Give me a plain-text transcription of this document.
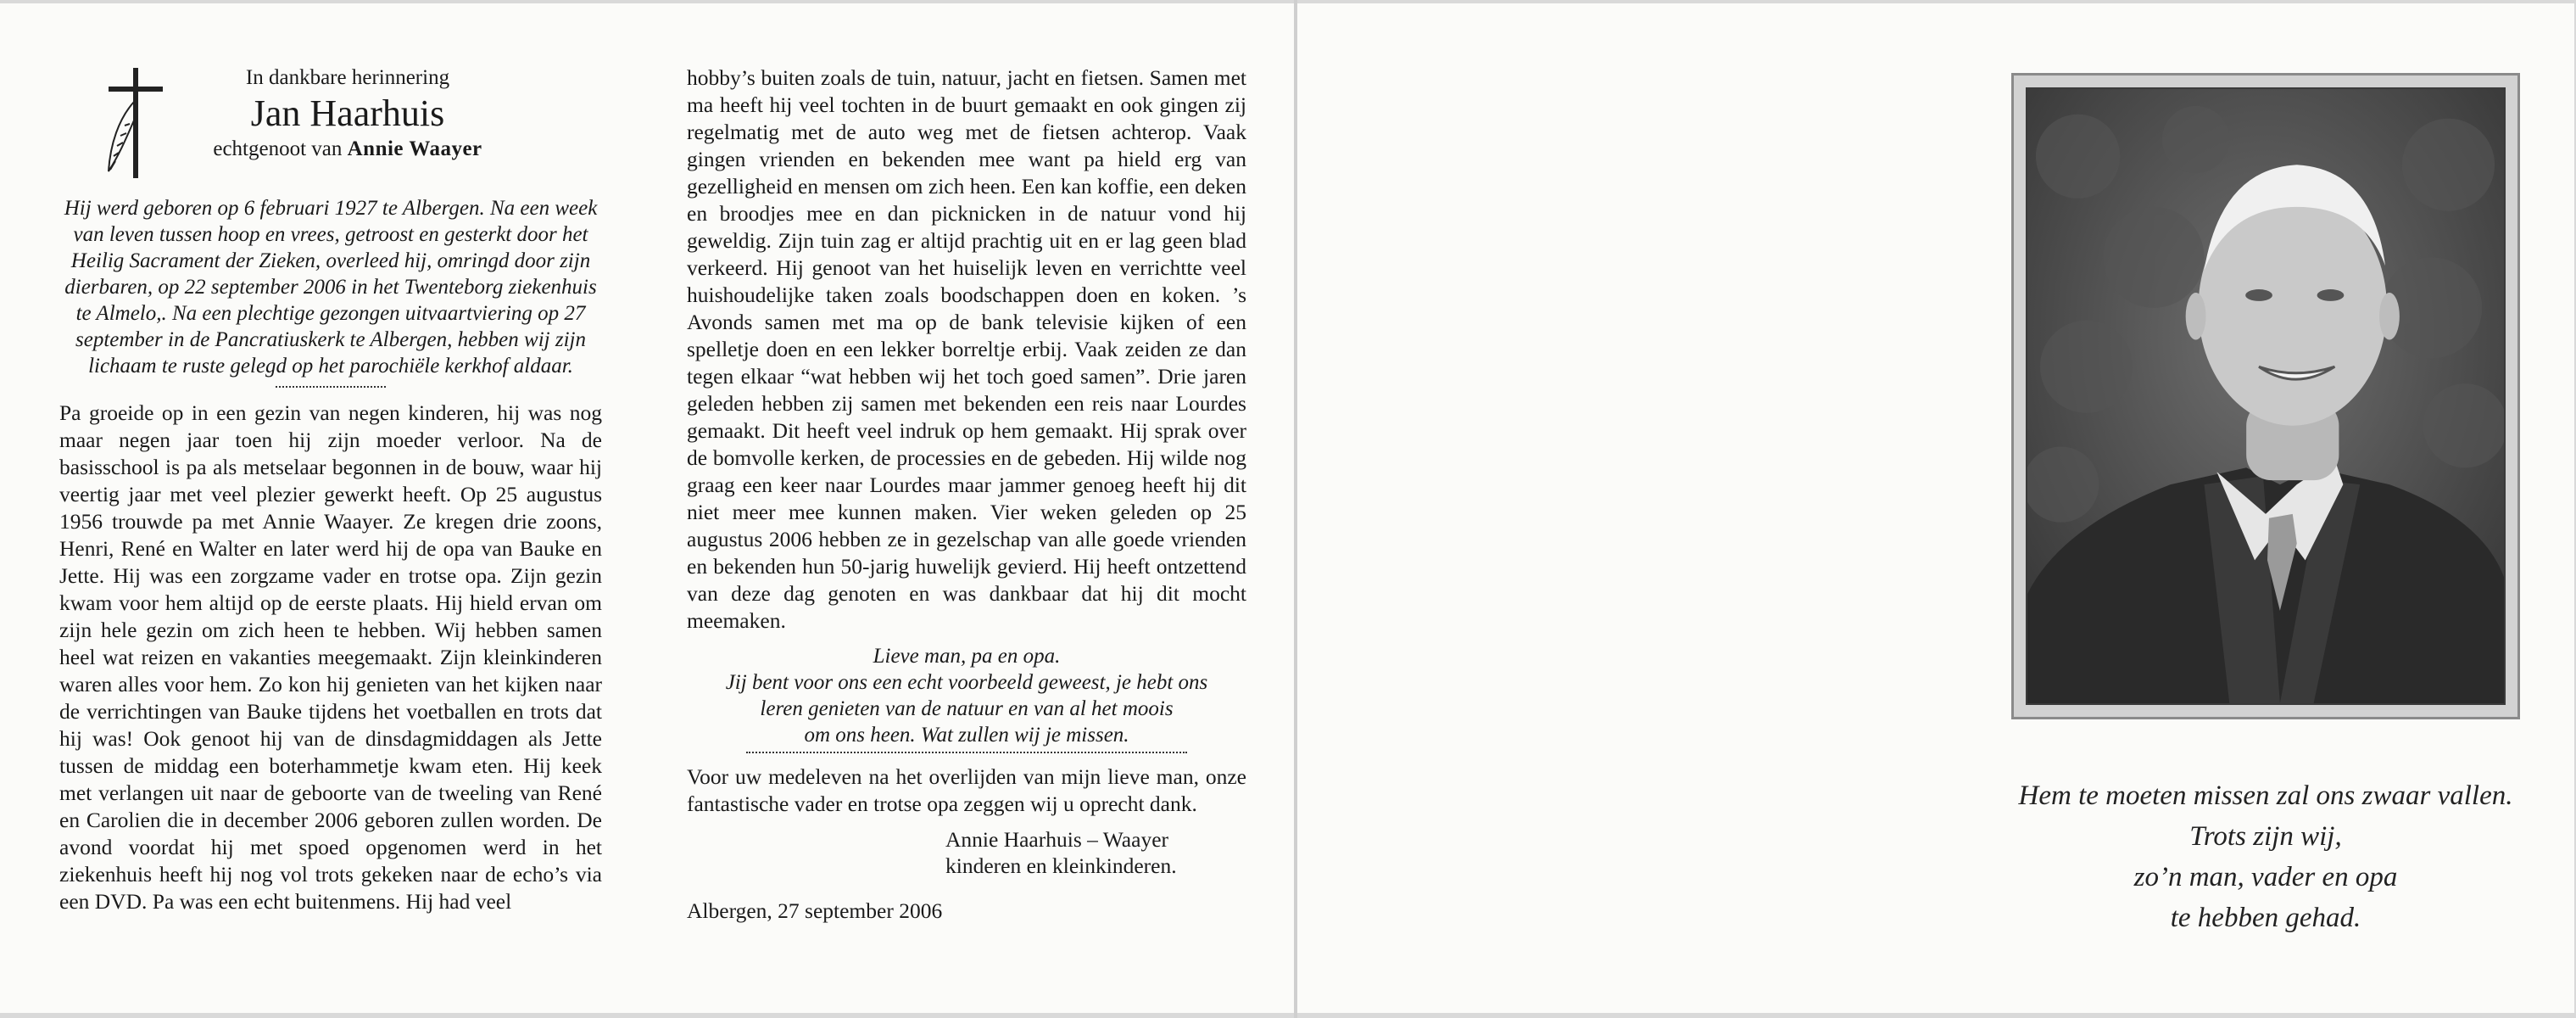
Hem te moeten missen zal ons zwaar vallen.
Trots zijn wij,
zo’n man, vader en opa
te hebben gehad.
In dankbare herinnering
Jan Haarhuis
echtgenoot van Annie Waayer

Hij werd geboren op 6 februari 1927 te Albergen. Na een week van leven tussen hoop en vrees, getroost en gesterkt door het Heilig Sacrament der Zieken, overleed hij, omringd door zijn dierbaren, op 22 september 2006 in het Twenteborg ziekenhuis te Almelo,. Na een plechtige gezongen uitvaartviering op 27 september in de Pancratiuskerk te Albergen, hebben wij zijn lichaam te ruste gelegd op het parochiële kerkhof aldaar.

Pa groeide op in een gezin van negen kinderen, hij was nog maar negen jaar toen hij zijn moeder verloor. Na de basisschool is pa als metselaar begonnen in de bouw, waar hij veertig jaar met veel plezier gewerkt heeft. Op 25 augustus 1956 trouwde pa met Annie Waayer. Ze kregen drie zoons, Henri, René en Walter en later werd hij de opa van Bauke en Jette. Hij was een zorgzame vader en trotse opa. Zijn gezin kwam voor hem altijd op de eerste plaats. Hij hield ervan om zijn hele gezin om zich heen te hebben. Wij hebben samen heel wat reizen en vakanties meegemaakt. Zijn kleinkinderen waren alles voor hem. Zo kon hij genieten van het kijken naar de verrichtingen van Bauke tijdens het voetballen en trots dat hij was! Ook genoot hij van de dinsdagmiddagen als Jette tussen de middag een boterhammetje kwam eten. Hij keek met verlangen uit naar de geboorte van de tweeling van René en Carolien die in december 2006 geboren zullen worden. De avond voordat hij met spoed opgenomen werd in het ziekenhuis heeft hij nog vol trots gekeken naar de echo’s via een DVD. Pa was een echt buitenmens. Hij had veel

hobby’s buiten zoals de tuin, natuur, jacht en fietsen. Samen met ma heeft hij veel tochten in de buurt gemaakt en ook gingen zij regelmatig met de auto weg met de fietsen achterop. Vaak gingen vrienden en bekenden mee want pa hield erg van gezelligheid en mensen om zich heen. Een kan koffie, een deken en broodjes mee en dan picknicken in de natuur vond hij geweldig. Zijn tuin zag er altijd prachtig uit en er lag geen blad verkeerd. Hij genoot van het huiselijk leven en verrichtte veel huishoudelijke taken zoals boodschappen doen en koken. ’s Avonds samen met ma op de bank televisie kijken of een spelletje doen en een lekker borreltje erbij. Vaak zeiden ze dan tegen elkaar “wat hebben wij het toch goed samen”. Drie jaren geleden hebben zij samen met bekenden een reis naar Lourdes gemaakt. Dit heeft veel indruk op hem gemaakt. Hij sprak over de bomvolle kerken, de processies en de gebeden. Hij wilde nog graag een keer naar Lourdes maar jammer genoeg heeft hij dit niet meer mee kunnen maken. Vier weken geleden op 25 augustus 2006 hebben ze in gezelschap van alle goede vrienden en bekenden hun 50-jarig huwelijk gevierd. Hij heeft ontzettend van deze dag genoten en was dankbaar dat hij dit mocht meemaken.

Lieve man, pa en opa.
Jij bent voor ons een echt voorbeeld geweest, je hebt ons
leren genieten van de natuur en van al het moois
om ons heen. Wat zullen wij je missen.

Voor uw medeleven na het overlijden van mijn lieve man, onze fantastische vader en trotse opa zeggen wij u oprecht dank.

Annie Haarhuis – Waayer
kinderen en kleinkinderen.
Albergen, 27 september 2006
